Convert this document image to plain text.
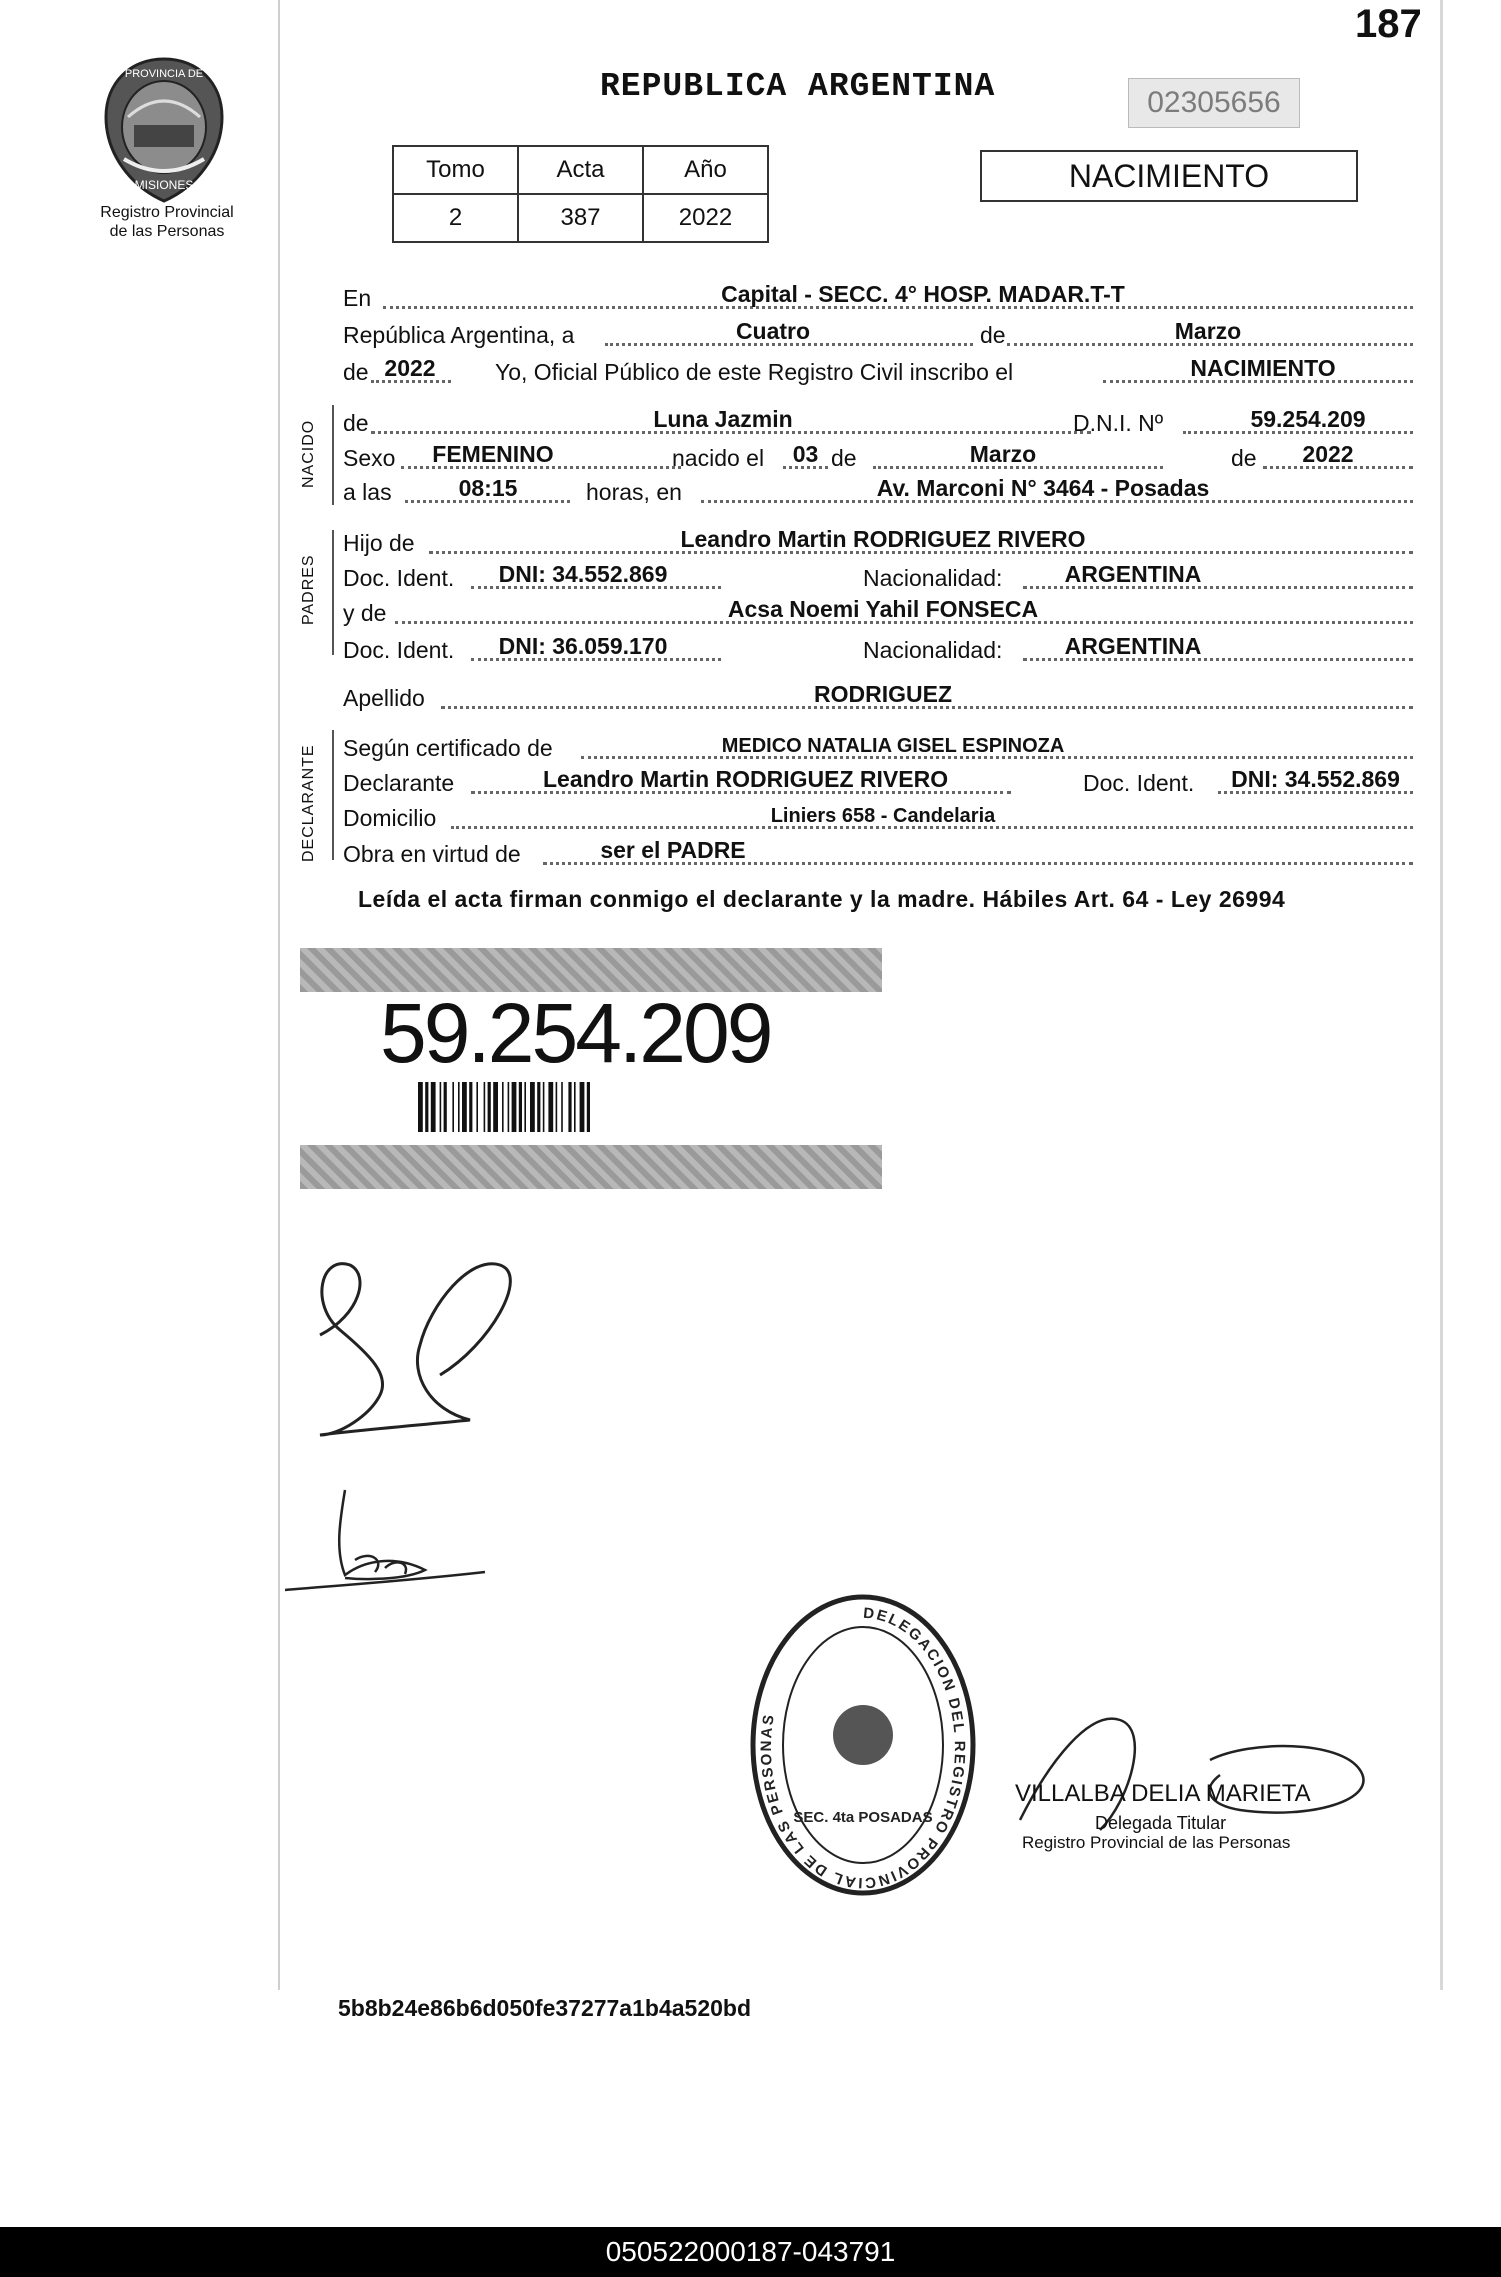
187
PROVINCIA DE
MISIONES
Registro Provincial
de las Personas
REPUBLICA ARGENTINA	02305656
Tomo	Acta	Año
2	387	2022
NACIMIENTO
NACIDO
PADRES
DECLARANTE
En	Capital - SECC. 4° HOSP. MADAR.T-T
República Argentina, a	Cuatro	de	Marzo
de 2022	Yo, Oficial Público de este Registro Civil inscribo el	NACIMIENTO
de	Luna Jazmin	D.N.I. Nº	59.254.209
Sexo	FEMENINO	nacido el	03 de	Marzo	de	2022
a las	08:15	horas, en	Av. Marconi N° 3464 - Posadas
Hijo de	Leandro Martin RODRIGUEZ RIVERO
Doc. Ident.	DNI: 34.552.869	Nacionalidad:	ARGENTINA
y de	Acsa Noemi Yahil FONSECA
Doc. Ident.	DNI: 36.059.170	Nacionalidad:	ARGENTINA
Apellido	RODRIGUEZ
Según certificado de	MEDICO NATALIA GISEL ESPINOZA
Declarante	Leandro Martin RODRIGUEZ RIVERO	Doc. Ident.	DNI: 34.552.869
Domicilio	Liniers 658 - Candelaria
Obra en virtud de	ser el PADRE
Leída el acta firman conmigo el declarante y la madre. Hábiles Art. 64 - Ley 26994
59.254.209
DELEGACION DEL REGISTRO PROVINCIAL DE LAS PERSONAS
SEC. 4ta POSADAS
VILLALBA DELIA MARIETA
Delegada Titular
Registro Provincial de las Personas
5b8b24e86b6d050fe37277a1b4a520bd
050522000187-043791
